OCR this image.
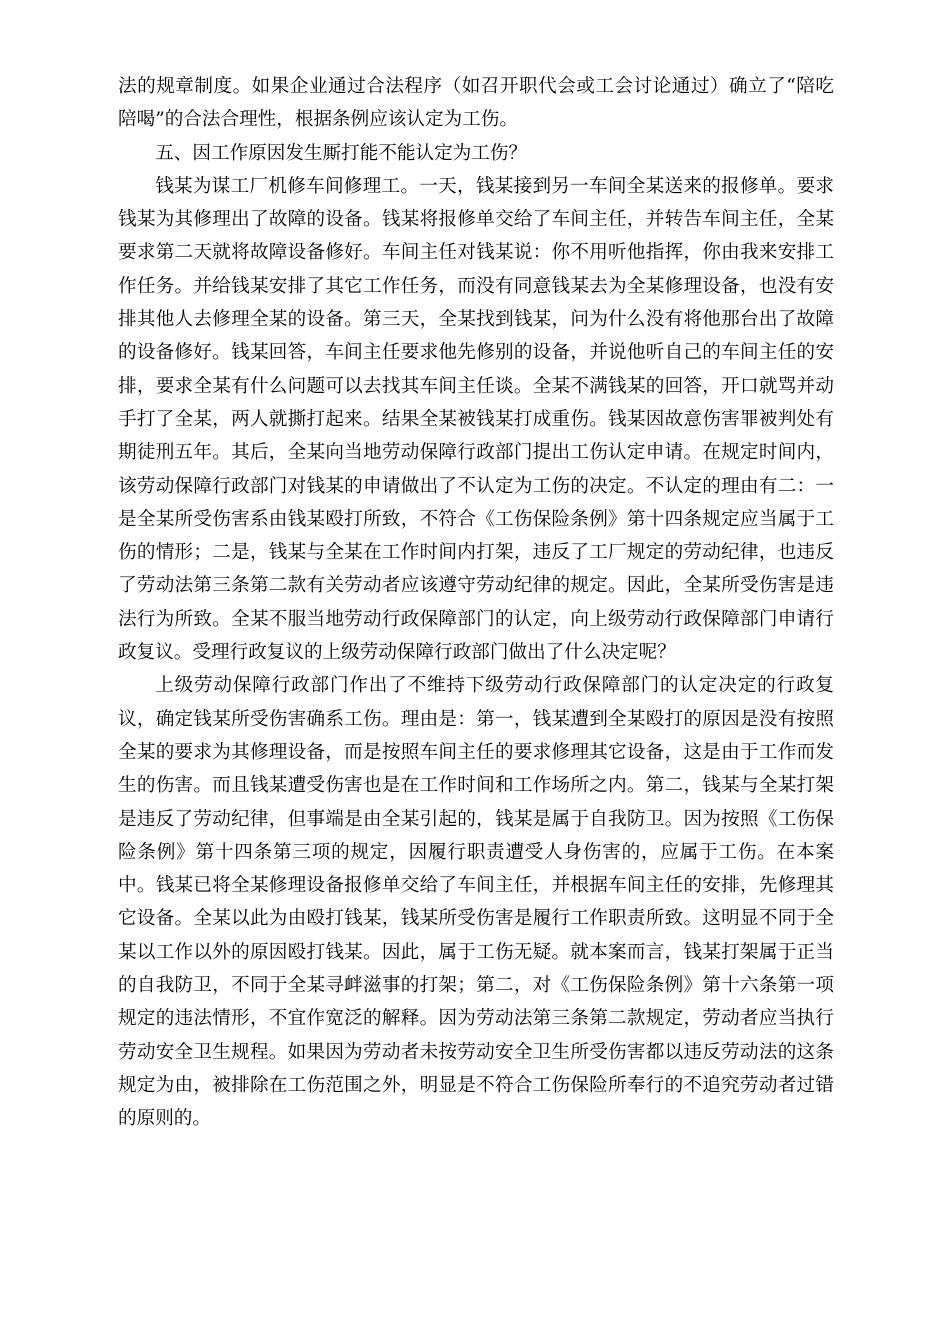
法的规章制度。如果企业通过合法程序（如召开职代会或工会讨论通过）确立了“陪吃陪喝”的合法合理性，根据条例应该认定为工伤。

五、因工作原因发生厮打能不能认定为工伤？

钱某为谋工厂机修车间修理工。一天，钱某接到另一车间全某送来的报修单。要求钱某为其修理出了故障的设备。钱某将报修单交给了车间主任，并转告车间主任，全某要求第二天就将故障设备修好。车间主任对钱某说：你不用听他指挥，你由我来安排工作任务。并给钱某安排了其它工作任务，而没有同意钱某去为全某修理设备，也没有安排其他人去修理全某的设备。第三天，全某找到钱某，问为什么没有将他那台出了故障的设备修好。钱某回答，车间主任要求他先修别的设备，并说他听自己的车间主任的安排，要求全某有什么问题可以去找其车间主任谈。全某不满钱某的回答，开口就骂并动手打了全某，两人就撕打起来。结果全某被钱某打成重伤。钱某因故意伤害罪被判处有期徒刑五年。其后，全某向当地劳动保障行政部门提出工伤认定申请。在规定时间内，该劳动保障行政部门对钱某的申请做出了不认定为工伤的决定。不认定的理由有二：一是全某所受伤害系由钱某殴打所致，不符合《工伤保险条例》第十四条规定应当属于工伤的情形；二是，钱某与全某在工作时间内打架，违反了工厂规定的劳动纪律，也违反了劳动法第三条第二款有关劳动者应该遵守劳动纪律的规定。因此，全某所受伤害是违法行为所致。全某不服当地劳动行政保障部门的认定，向上级劳动行政保障部门申请行政复议。受理行政复议的上级劳动保障行政部门做出了什么决定呢？

上级劳动保障行政部门作出了不维持下级劳动行政保障部门的认定决定的行政复议，确定钱某所受伤害确系工伤。理由是：第一，钱某遭到全某殴打的原因是没有按照全某的要求为其修理设备，而是按照车间主任的要求修理其它设备，这是由于工作而发生的伤害。而且钱某遭受伤害也是在工作时间和工作场所之内。第二，钱某与全某打架是违反了劳动纪律，但事端是由全某引起的，钱某是属于自我防卫。因为按照《工伤保险条例》第十四条第三项的规定，因履行职责遭受人身伤害的，应属于工伤。在本案中。钱某已将全某修理设备报修单交给了车间主任，并根据车间主任的安排，先修理其它设备。全某以此为由殴打钱某，钱某所受伤害是履行工作职责所致。这明显不同于全某以工作以外的原因殴打钱某。因此，属于工伤无疑。就本案而言，钱某打架属于正当的自我防卫，不同于全某寻衅滋事的打架；第二，对《工伤保险条例》第十六条第一项规定的违法情形，不宜作宽泛的解释。因为劳动法第三条第二款规定，劳动者应当执行劳动安全卫生规程。如果因为劳动者未按劳动安全卫生所受伤害都以违反劳动法的这条规定为由，被排除在工伤范围之外，明显是不符合工伤保险所奉行的不追究劳动者过错的原则的。
